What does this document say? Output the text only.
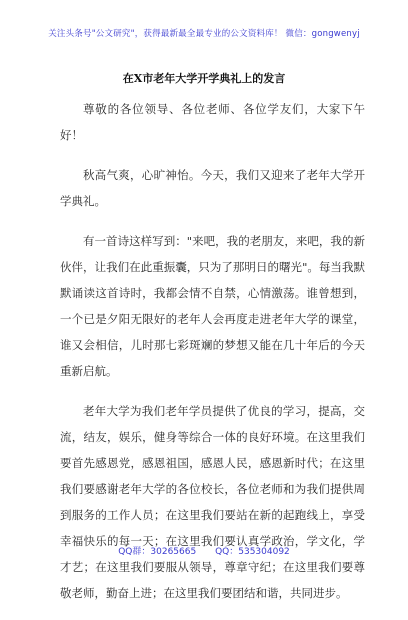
关注头条号"公文研究"，获得最新最全最专业的公文资料库！ 微信：gongwenyj
在X市老年大学开学典礼上的发言

尊敬的各位领导、各位老师、各位学友们，大家下午好！

秋高气爽，心旷神怡。今天，我们又迎来了老年大学开学典礼。

有一首诗这样写到："来吧，我的老朋友，来吧，我的新伙伴，让我们在此重振囊，只为了那明日的曙光"。每当我默默诵读这首诗时，我都会情不自禁，心情激荡。谁曾想到，一个已是夕阳无限好的老年人会再度走进老年大学的课堂，谁又会相信，儿时那七彩斑斓的梦想又能在几十年后的今天重新启航。

老年大学为我们老年学员提供了优良的学习，提高，交流，结友，娱乐，健身等综合一体的良好环境。在这里我们要首先感恩党，感恩祖国，感恩人民，感恩新时代；在这里我们要感谢老年大学的各位校长，各位老师和为我们提供周到服务的工作人员；在这里我们要站在新的起跑线上，享受幸福快乐的每一天；在这里我们要认真学政治，学文化，学才艺；在这里我们要服从领导，尊章守纪；在这里我们要尊敬老师，勤奋上进；在这里我们要团结和谐，共同进步。

QQ群：30265665 QQ：535304092
